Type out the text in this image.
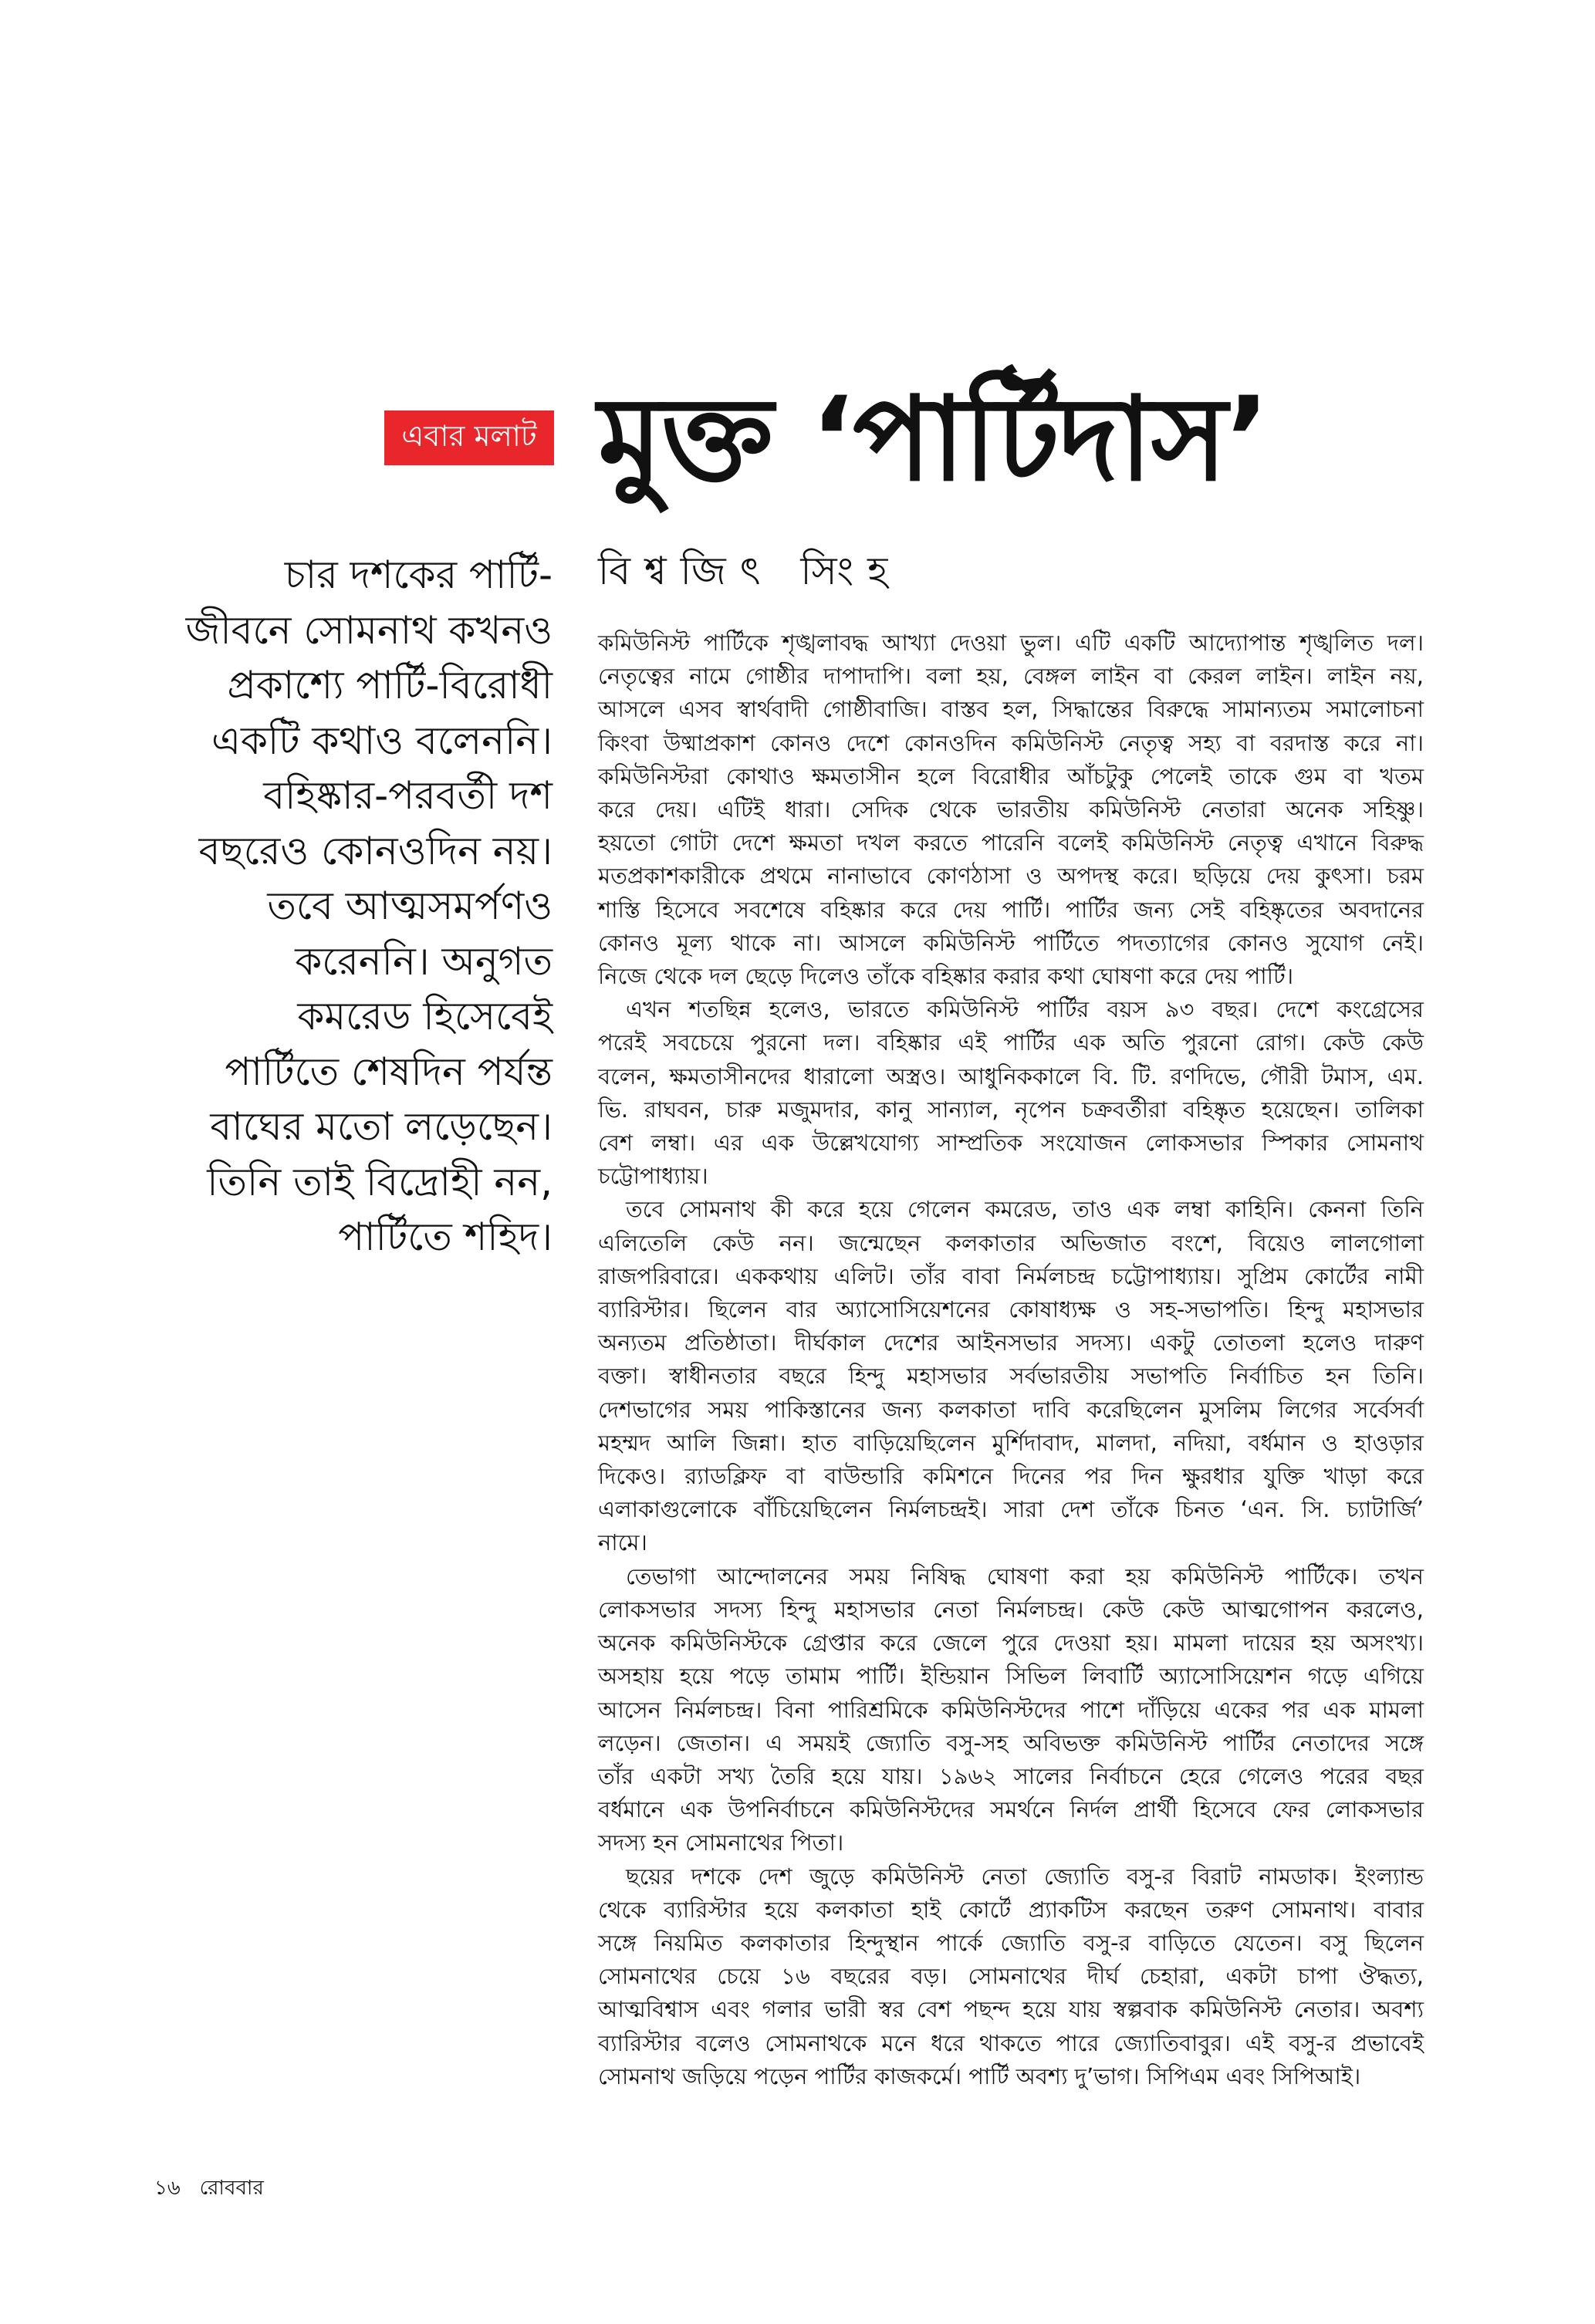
এবার মলাট মুক্ত ‘পার্টিদাস’
বিশ্বজিৎ সিংহ
চার দশকের পার্টি-
জীবনে সোমনাথ কখনও
প্রকাশ্যে পার্টি-বিরোধী
একটি কথাও বলেননি।
বহিষ্কার-পরবর্তী দশ
বছরেও কোনওদিন নয়।
তবে আত্মসমর্পণও
করেননি। অনুগত
কমরেড হিসেবেই
পার্টিতে শেষদিন পর্যন্ত
বাঘের মতো লড়েছেন।
তিনি তাই বিদ্রোহী নন,
পার্টিতে শহিদ।
কমিউনিস্ট পার্টিকে শৃঙ্খলাবদ্ধ আখ্যা দেওয়া ভুল। এটি একটি আদ্যোপান্ত শৃঙ্খলিত দল।
নেতৃত্বের নামে গোষ্ঠীর দাপাদাপি। বলা হয়, বেঙ্গল লাইন বা কেরল লাইন। লাইন নয়,
আসলে এসব স্বার্থবাদী গোষ্ঠীবাজি। বাস্তব হল, সিদ্ধান্তের বিরুদ্ধে সামান্যতম সমালোচনা
কিংবা উষ্মাপ্রকাশ কোনও দেশে কোনওদিন কমিউনিস্ট নেতৃত্ব সহ্য বা বরদাস্ত করে না।
কমিউনিস্টরা কোথাও ক্ষমতাসীন হলে বিরোধীর আঁচটুকু পেলেই তাকে গুম বা খতম
করে দেয়। এটিই ধারা। সেদিক থেকে ভারতীয় কমিউনিস্ট নেতারা অনেক সহিষ্ণু।
হয়তো গোটা দেশে ক্ষমতা দখল করতে পারেনি বলেই কমিউনিস্ট নেতৃত্ব এখানে বিরুদ্ধ
মতপ্রকাশকারীকে প্রথমে নানাভাবে কোণঠাসা ও অপদস্থ করে। ছড়িয়ে দেয় কুৎসা। চরম
শাস্তি হিসেবে সবশেষে বহিষ্কার করে দেয় পার্টি। পার্টির জন্য সেই বহিষ্কৃতের অবদানের
কোনও মূল্য থাকে না। আসলে কমিউনিস্ট পার্টিতে পদত্যাগের কোনও সুযোগ নেই।
নিজে থেকে দল ছেড়ে দিলেও তাঁকে বহিষ্কার করার কথা ঘোষণা করে দেয় পার্টি।
এখন শতছিন্ন হলেও, ভারতে কমিউনিস্ট পার্টির বয়স ৯৩ বছর। দেশে কংগ্রেসের
পরেই সবচেয়ে পুরনো দল। বহিষ্কার এই পার্টির এক অতি পুরনো রোগ। কেউ কেউ
বলেন, ক্ষমতাসীনদের ধারালো অস্ত্রও। আধুনিককালে বি. টি. রণদিভে, গৌরী টমাস, এম.
ভি. রাঘবন, চারু মজুমদার, কানু সান্যাল, নৃপেন চক্রবর্তীরা বহিষ্কৃত হয়েছেন। তালিকা
বেশ লম্বা। এর এক উল্লেখযোগ্য সাম্প্রতিক সংযোজন লোকসভার স্পিকার সোমনাথ
চট্টোপাধ্যায়।
তবে সোমনাথ কী করে হয়ে গেলেন কমরেড, তাও এক লম্বা কাহিনি। কেননা তিনি
এলিতেলি কেউ নন। জন্মেছেন কলকাতার অভিজাত বংশে, বিয়েও লালগোলা
রাজপরিবারে। এককথায় এলিট। তাঁর বাবা নির্মলচন্দ্র চট্টোপাধ্যায়। সুপ্রিম কোর্টের নামী
ব্যারিস্টার। ছিলেন বার অ্যাসোসিয়েশনের কোষাধ্যক্ষ ও সহ-সভাপতি। হিন্দু মহাসভার
অন্যতম প্রতিষ্ঠাতা। দীর্ঘকাল দেশের আইনসভার সদস্য। একটু তোতলা হলেও দারুণ
বক্তা। স্বাধীনতার বছরে হিন্দু মহাসভার সর্বভারতীয় সভাপতি নির্বাচিত হন তিনি।
দেশভাগের সময় পাকিস্তানের জন্য কলকাতা দাবি করেছিলেন মুসলিম লিগের সর্বেসর্বা
মহম্মদ আলি জিন্না। হাত বাড়িয়েছিলেন মুর্শিদাবাদ, মালদা, নদিয়া, বর্ধমান ও হাওড়ার
দিকেও। র‌্যাডক্লিফ বা বাউন্ডারি কমিশনে দিনের পর দিন ক্ষুরধার যুক্তি খাড়া করে
এলাকাগুলোকে বাঁচিয়েছিলেন নির্মলচন্দ্রই। সারা দেশ তাঁকে চিনত ‘এন. সি. চ্যাটার্জি’
নামে।
তেভাগা আন্দোলনের সময় নিষিদ্ধ ঘোষণা করা হয় কমিউনিস্ট পার্টিকে। তখন
লোকসভার সদস্য হিন্দু মহাসভার নেতা নির্মলচন্দ্র। কেউ কেউ আত্মগোপন করলেও,
অনেক কমিউনিস্টকে গ্রেপ্তার করে জেলে পুরে দেওয়া হয়। মামলা দায়ের হয় অসংখ্য।
অসহায় হয়ে পড়ে তামাম পার্টি। ইন্ডিয়ান সিভিল লিবার্টি অ্যাসোসিয়েশন গড়ে এগিয়ে
আসেন নির্মলচন্দ্র। বিনা পারিশ্রমিকে কমিউনিস্টদের পাশে দাঁড়িয়ে একের পর এক মামলা
লড়েন। জেতান। এ সময়ই জ্যোতি বসু-সহ অবিভক্ত কমিউনিস্ট পার্টির নেতাদের সঙ্গে
তাঁর একটা সখ্য তৈরি হয়ে যায়। ১৯৬২ সালের নির্বাচনে হেরে গেলেও পরের বছর
বর্ধমানে এক উপনির্বাচনে কমিউনিস্টদের সমর্থনে নির্দল প্রার্থী হিসেবে ফের লোকসভার
সদস্য হন সোমনাথের পিতা।
ছয়ের দশকে দেশ জুড়ে কমিউনিস্ট নেতা জ্যোতি বসু-র বিরাট নামডাক। ইংল্যান্ড
থেকে ব্যারিস্টার হয়ে কলকাতা হাই কোর্টে প্র্যাকটিস করছেন তরুণ সোমনাথ। বাবার
সঙ্গে নিয়মিত কলকাতার হিন্দুস্থান পার্কে জ্যোতি বসু-র বাড়িতে যেতেন। বসু ছিলেন
সোমনাথের চেয়ে ১৬ বছরের বড়। সোমনাথের দীর্ঘ চেহারা, একটা চাপা ঔদ্ধত্য,
আত্মবিশ্বাস এবং গলার ভারী স্বর বেশ পছন্দ হয়ে যায় স্বল্পবাক কমিউনিস্ট নেতার। অবশ্য
ব্যারিস্টার বলেও সোমনাথকে মনে ধরে থাকতে পারে জ্যোতিবাবুর। এই বসু-র প্রভাবেই
সোমনাথ জড়িয়ে পড়েন পার্টির কাজকর্মে। পার্টি অবশ্য দু’ভাগ। সিপিএম এবং সিপিআই।
১৬ রোববার
